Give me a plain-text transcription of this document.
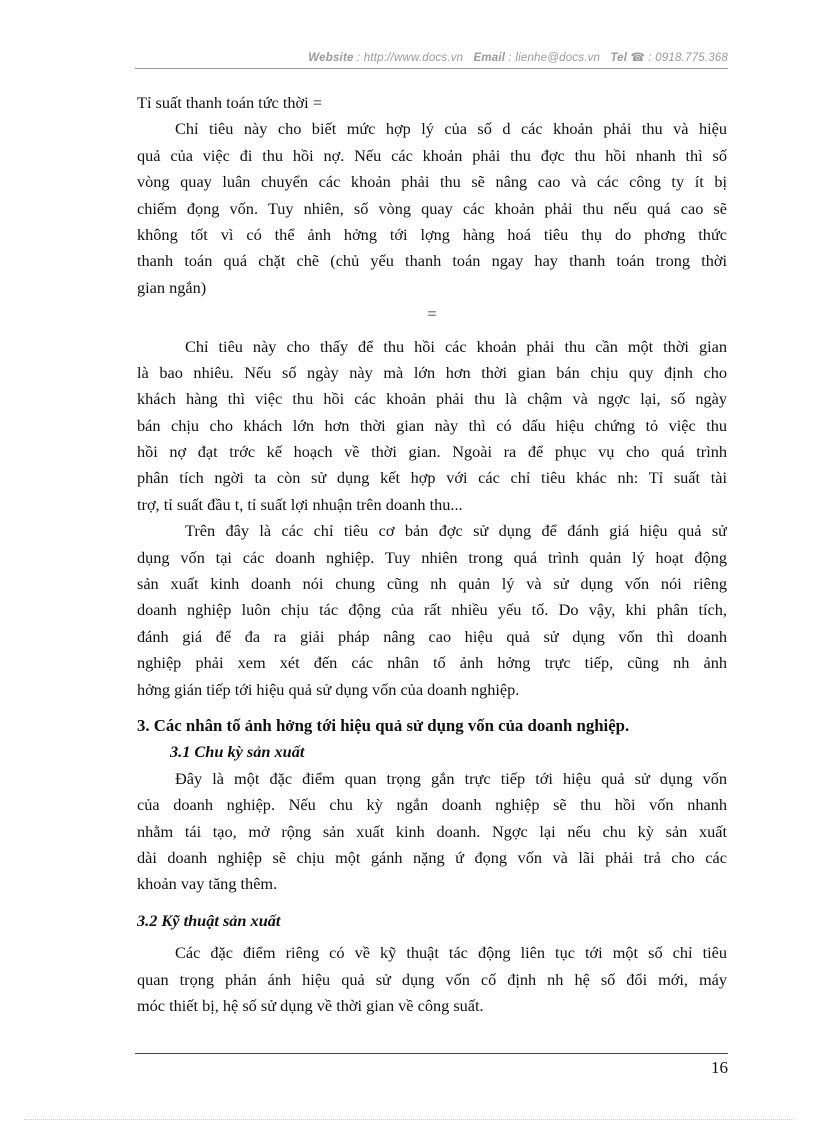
Website : http://www.docs.vn Email : lienhe@docs.vn Tel ☎ : 0918.775.368
Tỉ suất thanh toán tức thời =
Chỉ tiêu này cho biết mức hợp lý của số d các khoản phải thu và hiệu
quả của việc đi thu hồi nợ. Nếu các khoản phải thu đợc thu hồi nhanh thì số
vòng quay luân chuyển các khoản phải thu sẽ nâng cao và các công ty ít bị
chiếm đọng vốn. Tuy nhiên, số vòng quay các khoản phải thu nếu quá cao sẽ
không tốt vì có thể ảnh hởng tới lợng hàng hoá tiêu thụ do phơng thức
thanh toán quá chặt chẽ (chủ yếu thanh toán ngay hay thanh toán trong thời
gian ngắn)
=
Chỉ tiêu này cho thấy để thu hồi các khoản phải thu cần một thời gian
là bao nhiêu. Nếu số ngày này mà lớn hơn thời gian bán chịu quy định cho
khách hàng thì việc thu hồi các khoản phải thu là chậm và ngợc lại, số ngày
bán chịu cho khách lớn hơn thời gian này thì có dấu hiệu chứng tỏ việc thu
hồi nợ đạt trớc kế hoạch về thời gian. Ngoài ra để phục vụ cho quá trình
phân tích ngời ta còn sử dụng kết hợp với các chỉ tiêu khác nh: Tỉ suất tài
trợ, tỉ suất đầu t, tỉ suất lợi nhuận trên doanh thu...
Trên đây là các chỉ tiêu cơ bản đợc sử dụng để đánh giá hiệu quả sử
dụng vốn tại các doanh nghiệp. Tuy nhiên trong quá trình quản lý hoạt động
sản xuất kinh doanh nói chung cũng nh quản lý và sử dụng vốn nói riêng
doanh nghiệp luôn chịu tác động của rất nhiều yếu tố. Do vậy, khi phân tích,
đánh giá để đa ra giải pháp nâng cao hiệu quả sử dụng vốn thì doanh
nghiệp phải xem xét đến các nhân tố ảnh hởng trực tiếp, cũng nh ảnh
hởng gián tiếp tới hiệu quả sử dụng vốn của doanh nghiệp.
3. Các nhân tố ảnh hởng tới hiệu quả sử dụng vốn của doanh nghiệp.
3.1 Chu kỳ sản xuất
Đây là một đặc điểm quan trọng gắn trực tiếp tới hiệu quả sử dụng vốn
của doanh nghiệp. Nếu chu kỳ ngắn doanh nghiệp sẽ thu hồi vốn nhanh
nhằm tái tạo, mở rộng sản xuất kinh doanh. Ngợc lại nếu chu kỳ sản xuất
dài doanh nghiệp sẽ chịu một gánh nặng ứ đọng vốn và lãi phải trả cho các
khoản vay tăng thêm.
3.2 Kỹ thuật sản xuất
Các đặc điểm riêng có về kỹ thuật tác động liên tục tới một số chỉ tiêu
quan trọng phản ánh hiệu quả sử dụng vốn cố định nh hệ số đổi mới, máy
móc thiết bị, hệ số sử dụng về thời gian về công suất.
16
